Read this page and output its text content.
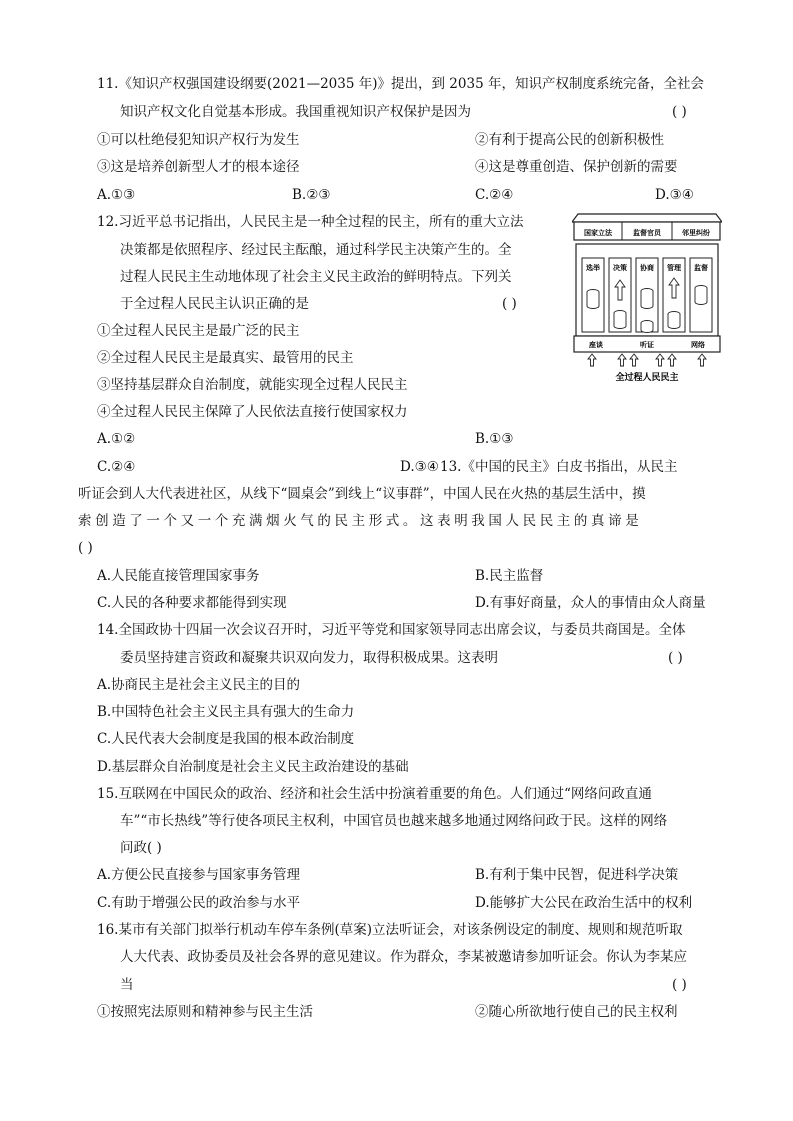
11.《知识产权强国建设纲要(2021—2035 年)》提出，到 2035 年，知识产权制度系统完备，全社会
知识产权文化自觉基本形成。我国重视知识产权保护是因为	( )
①可以杜绝侵犯知识产权行为发生	②有利于提高公民的创新积极性
③这是培养创新型人才的根本途径	④这是尊重创造、保护创新的需要
A.①③	B.②③	C.②④	D.③④
12.习近平总书记指出，人民民主是一种全过程的民主，所有的重大立法
决策都是依照程序、经过民主酝酿，通过科学民主决策产生的。全
过程人民民主生动地体现了社会主义民主政治的鲜明特点。下列关
于全过程人民民主认识正确的是	( )
①全过程人民民主是最广泛的民主
②全过程人民民主是最真实、最管用的民主
③坚持基层群众自治制度，就能实现全过程人民民主
④全过程人民民主保障了人民依法直接行使国家权力
A.①②	B.①③
C.②④	D.③④
国家立法	监督官员	邻里纠纷
选举 决策 协商 管理 监督
座谈	听证	网络
全过程人民民主
13.《中国的民主》白皮书指出，从民主
听证会到人大代表进社区，从线下“圆桌会”到线上“议事群”，中国人民在火热的基层生活中，摸
索创造了一个又一个充满烟火气的民主形式。这表明我国人民民主的真谛是
( )
A.人民能直接管理国家事务	B.民主监督
C.人民的各种要求都能得到实现	D.有事好商量，众人的事情由众人商量
14.全国政协十四届一次会议召开时，习近平等党和国家领导同志出席会议，与委员共商国是。全体
委员坚持建言资政和凝聚共识双向发力，取得积极成果。这表明	( )
A.协商民主是社会主义民主的目的
B.中国特色社会主义民主具有强大的生命力
C.人民代表大会制度是我国的根本政治制度
D.基层群众自治制度是社会主义民主政治建设的基础
15.互联网在中国民众的政治、经济和社会生活中扮演着重要的角色。人们通过“网络问政直通
车”“市长热线”等行使各项民主权利，中国官员也越来越多地通过网络问政于民。这样的网络
问政( )
A.方便公民直接参与国家事务管理	B.有利于集中民智，促进科学决策
C.有助于增强公民的政治参与水平	D.能够扩大公民在政治生活中的权利
16.某市有关部门拟举行机动车停车条例(草案)立法听证会，对该条例设定的制度、规则和规范听取
人大代表、政协委员及社会各界的意见建议。作为群众，李某被邀请参加听证会。你认为李某应
当	( )
①按照宪法原则和精神参与民主生活	②随心所欲地行使自己的民主权利
